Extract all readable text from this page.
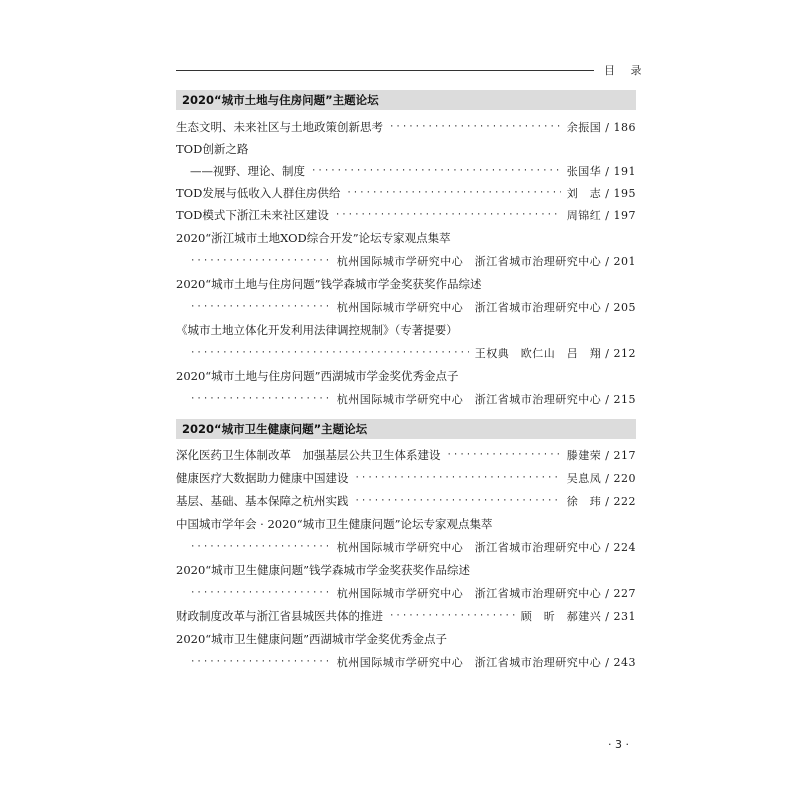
目 录
2020“城市土地与住房问题”主题论坛
生态文明、未来社区与土地政策创新思考 ·····	余振国 / 186
TOD创新之路
——视野、理论、制度 ·····	张国华 / 191
TOD发展与低收入人群住房供给 ·····	刘　志 / 195
TOD模式下浙江未来社区建设 ·····	周锦红 / 197
2020“浙江城市土地XOD综合开发”论坛专家观点集萃
·····
杭州国际城市学研究中心　浙江省城市治理研究中心 / 201
2020“城市土地与住房问题”钱学森城市学金奖获奖作品综述
·····
杭州国际城市学研究中心　浙江省城市治理研究中心 / 205
《城市土地立体化开发利用法律调控规制》（专著提要）
·····
王权典　欧仁山　吕　翔 / 212
2020“城市土地与住房问题”西湖城市学金奖优秀金点子
·····
杭州国际城市学研究中心　浙江省城市治理研究中心 / 215
2020“城市卫生健康问题”主题论坛
深化医药卫生体制改革　加强基层公共卫生体系建设 ·····	滕建荣 / 217
健康医疗大数据助力健康中国建设 ·····	吴息凤 / 220
基层、基础、基本保障之杭州实践 ·····	徐　玮 / 222
中国城市学年会 · 2020“城市卫生健康问题”论坛专家观点集萃
·····
杭州国际城市学研究中心　浙江省城市治理研究中心 / 224
2020“城市卫生健康问题”钱学森城市学金奖获奖作品综述
·····
杭州国际城市学研究中心　浙江省城市治理研究中心 / 227
财政制度改革与浙江省县城医共体的推进 ·····	顾　昕　郝建兴 / 231
2020“城市卫生健康问题”西湖城市学金奖优秀金点子
·····
杭州国际城市学研究中心　浙江省城市治理研究中心 / 243
· 3 ·
